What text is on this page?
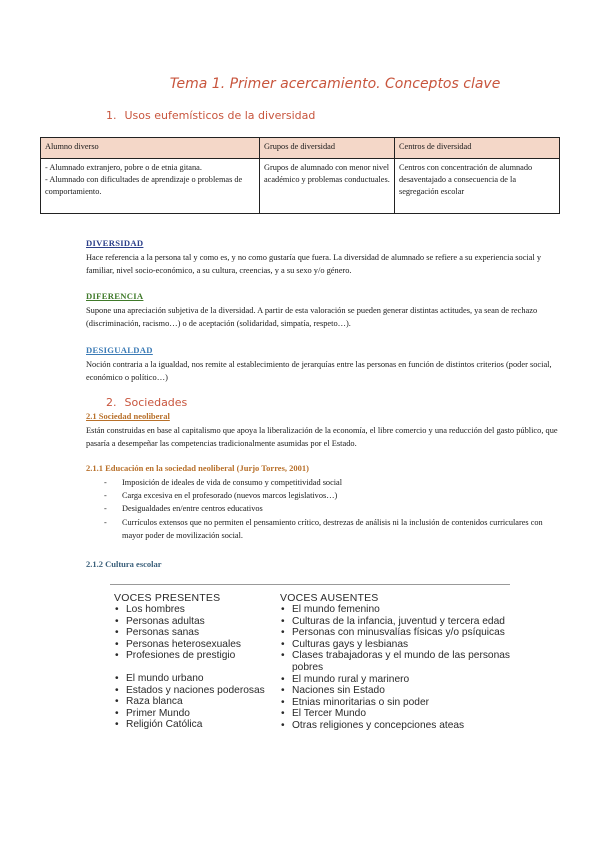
Tema 1. Primer acercamiento. Conceptos clave
1. Usos eufemísticos de la diversidad
Alumno diverso	Grupos de diversidad	Centros de diversidad
- Alumnado extranjero, pobre o de etnia gitana.
- Alumnado con dificultades de aprendizaje o problemas de comportamiento.	Grupos de alumnado con menor nivel académico y problemas conductuales.	Centros con concentración de alumnado desaventajado a consecuencia de la segregación escolar
DIVERSIDAD
Hace referencia a la persona tal y como es, y no como gustaría que fuera. La diversidad de alumnado se refiere a su experiencia social y familiar, nivel socio-económico, a su cultura, creencias, y a su sexo y/o género.
DIFERENCIA
Supone una apreciación subjetiva de la diversidad. A partir de esta valoración se pueden generar distintas actitudes, ya sean de rechazo (discriminación, racismo…) o de aceptación (solidaridad, simpatía, respeto…).
DESIGUALDAD
Noción contraria a la igualdad, nos remite al establecimiento de jerarquías entre las personas en función de distintos criterios (poder social, económico o político…)
2. Sociedades
2.1 Sociedad neoliberal
Están construidas en base al capitalismo que apoya la liberalización de la economía, el libre comercio y una reducción del gasto público, que pasaría a desempeñar las competencias tradicionalmente asumidas por el Estado.
2.1.1 Educación en la sociedad neoliberal (Jurjo Torres, 2001)
- Imposición de ideales de vida de consumo y competitividad social
- Carga excesiva en el profesorado (nuevos marcos legislativos…)
- Desigualdades en/entre centros educativos
- Currículos extensos que no permiten el pensamiento crítico, destrezas de análisis ni la inclusión de contenidos curriculares con mayor poder de movilización social.
2.1.2 Cultura escolar
VOCES PRESENTES
• Los hombres
• Personas adultas
• Personas sanas
• Personas heterosexuales
• Profesiones de prestigio
• El mundo urbano
• Estados y naciones poderosas
• Raza blanca
• Primer Mundo
• Religión Católica
VOCES AUSENTES
• El mundo femenino
• Culturas de la infancia, juventud y tercera edad
• Personas con minusvalías físicas y/o psíquicas
• Culturas gays y lesbianas
• Clases trabajadoras y el mundo de las personas pobres
• El mundo rural y marinero
• Naciones sin Estado
• Etnias minoritarias o sin poder
• El Tercer Mundo
• Otras religiones y concepciones ateas
